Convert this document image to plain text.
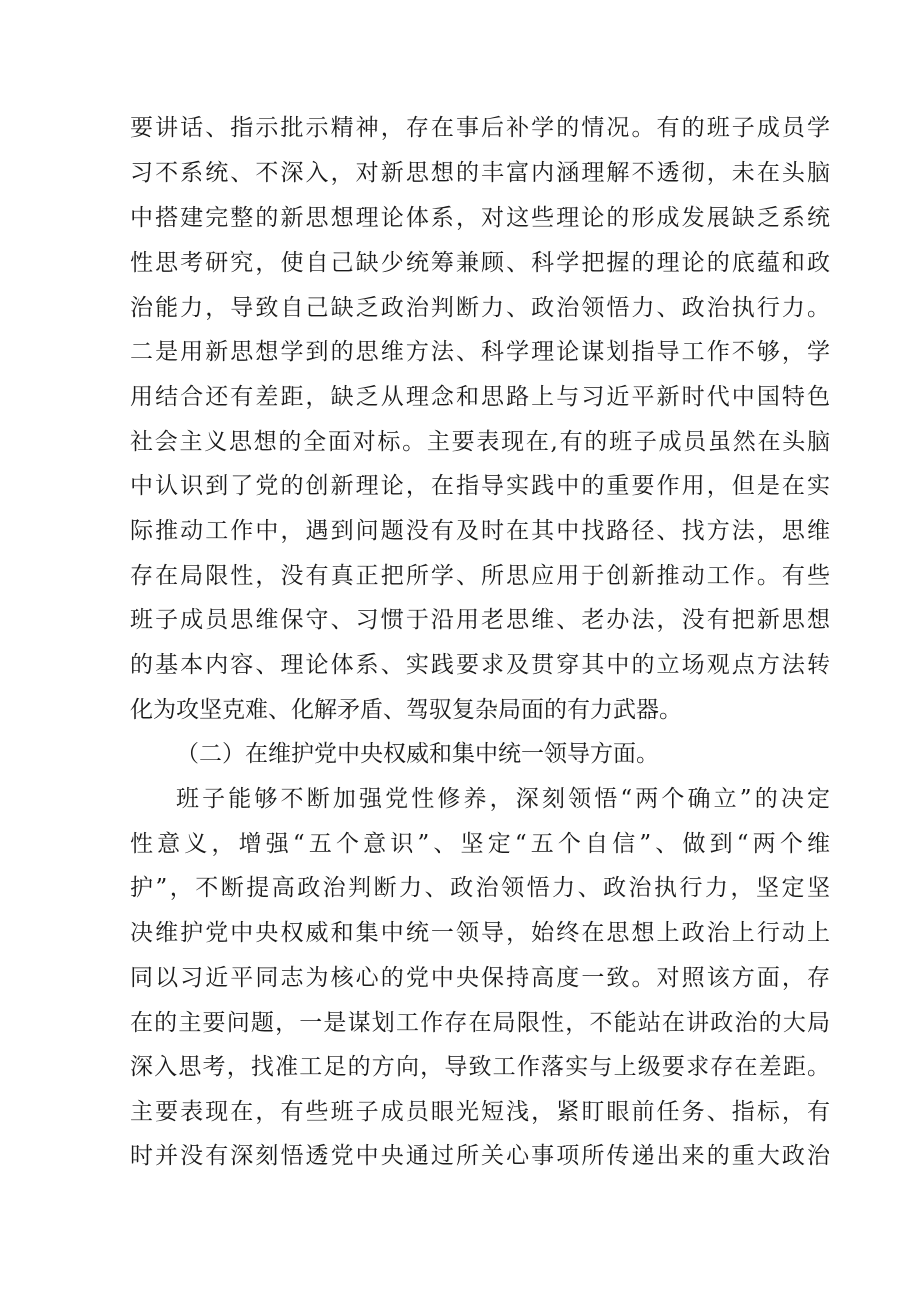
要讲话、指示批示精神，存在事后补学的情况。有的班子成员学
习不系统、不深入，对新思想的丰富内涵理解不透彻，未在头脑
中搭建完整的新思想理论体系，对这些理论的形成发展缺乏系统
性思考研究，使自己缺少统筹兼顾、科学把握的理论的底蕴和政
治能力，导致自己缺乏政治判断力、政治领悟力、政治执行力。
二是用新思想学到的思维方法、科学理论谋划指导工作不够，学
用结合还有差距，缺乏从理念和思路上与习近平新时代中国特色
社会主义思想的全面对标。主要表现在,有的班子成员虽然在头脑
中认识到了党的创新理论，在指导实践中的重要作用，但是在实
际推动工作中，遇到问题没有及时在其中找路径、找方法，思维
存在局限性，没有真正把所学、所思应用于创新推动工作。有些
班子成员思维保守、习惯于沿用老思维、老办法，没有把新思想
的基本内容、理论体系、实践要求及贯穿其中的立场观点方法转
化为攻坚克难、化解矛盾、驾驭复杂局面的有力武器。
（二）在维护党中央权威和集中统一领导方面。
班子能够不断加强党性修养，深刻领悟“两个确立”的决定
性意义，增强“五个意识”、坚定“五个自信”、做到“两个维
护”，不断提高政治判断力、政治领悟力、政治执行力，坚定坚
决维护党中央权威和集中统一领导，始终在思想上政治上行动上
同以习近平同志为核心的党中央保持高度一致。对照该方面，存
在的主要问题，一是谋划工作存在局限性，不能站在讲政治的大局
深入思考，找准工足的方向，导致工作落实与上级要求存在差距。
主要表现在，有些班子成员眼光短浅，紧盯眼前任务、指标，有
时并没有深刻悟透党中央通过所关心事项所传递出来的重大政治
